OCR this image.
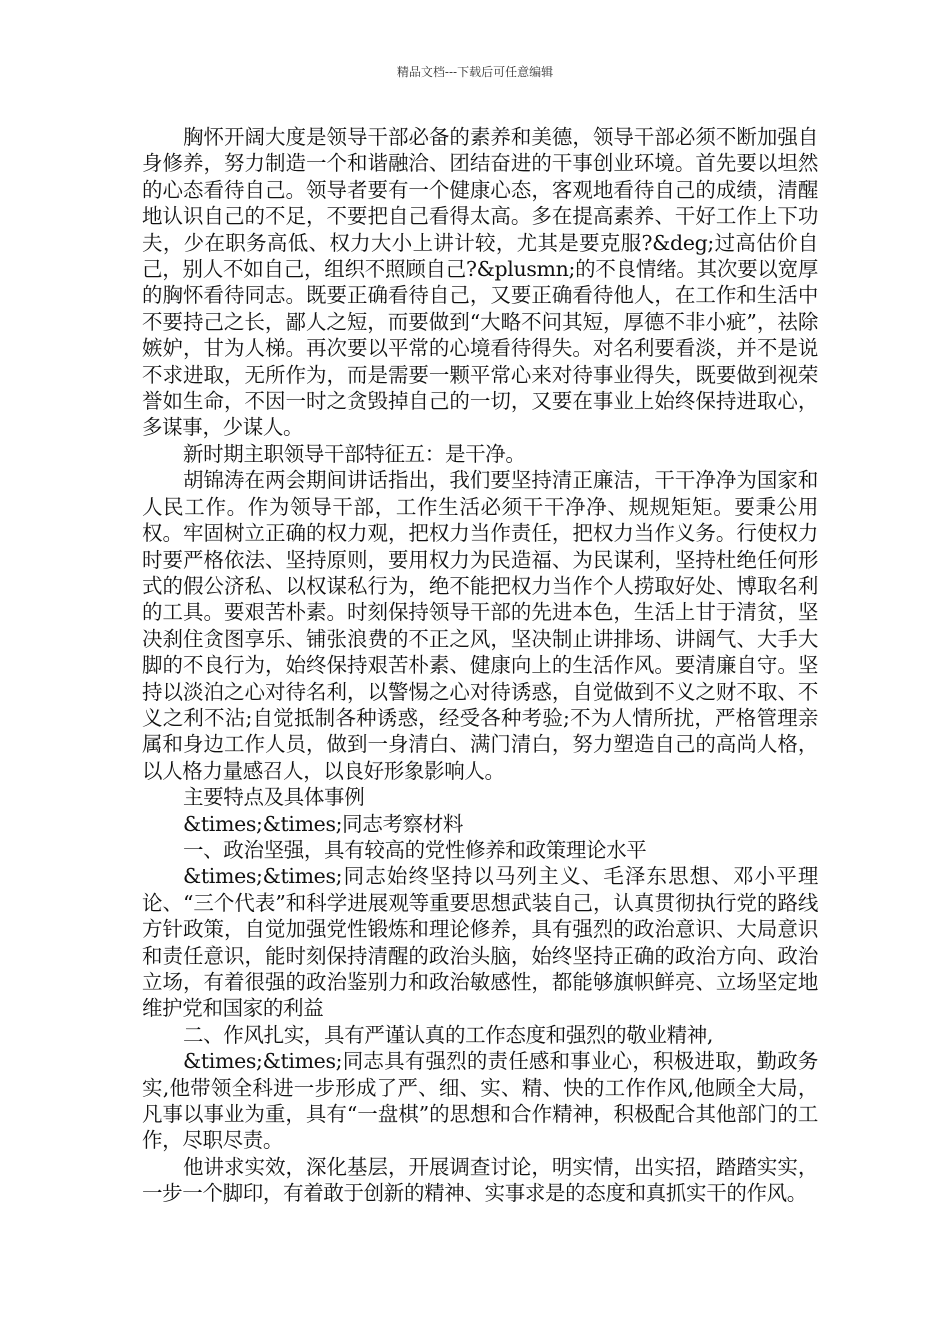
精品文档---下载后可任意编辑

胸怀开阔大度是领导干部必备的素养和美德，领导干部必须不断加强自身修养，努力制造一个和谐融洽、团结奋进的干事创业环境。首先要以坦然的心态看待自己。领导者要有一个健康心态，客观地看待自己的成绩，清醒地认识自己的不足，不要把自己看得太高。多在提高素养、干好工作上下功夫，少在职务高低、权力大小上讲计较，尤其是要克服?&deg;过高估价自己，别人不如自己，组织不照顾自己?&plusmn;的不良情绪。其次要以宽厚的胸怀看待同志。既要正确看待自己，又要正确看待他人，在工作和生活中不要持己之长，鄙人之短，而要做到“大略不问其短，厚德不非小疵”，祛除嫉妒，甘为人梯。再次要以平常的心境看待得失。对名利要看淡，并不是说不求进取，无所作为，而是需要一颗平常心来对待事业得失，既要做到视荣誉如生命，不因一时之贪毁掉自己的一切，又要在事业上始终保持进取心，多谋事，少谋人。

新时期主职领导干部特征五：是干净。

胡锦涛在两会期间讲话指出，我们要坚持清正廉洁，干干净净为国家和人民工作。作为领导干部，工作生活必须干干净净、规规矩矩。要秉公用权。牢固树立正确的权力观，把权力当作责任，把权力当作义务。行使权力时要严格依法、坚持原则，要用权力为民造福、为民谋利，坚持杜绝任何形式的假公济私、以权谋私行为，绝不能把权力当作个人捞取好处、博取名利的工具。要艰苦朴素。时刻保持领导干部的先进本色，生活上甘于清贫，坚决刹住贪图享乐、铺张浪费的不正之风，坚决制止讲排场、讲阔气、大手大脚的不良行为，始终保持艰苦朴素、健康向上的生活作风。要清廉自守。坚持以淡泊之心对待名利，以警惕之心对待诱惑，自觉做到不义之财不取、不义之利不沾;自觉抵制各种诱惑，经受各种考验;不为人情所扰，严格管理亲属和身边工作人员，做到一身清白、满门清白，努力塑造自己的高尚人格，以人格力量感召人，以良好形象影响人。

主要特点及具体事例

&times;&times;同志考察材料

一、政治坚强，具有较高的党性修养和政策理论水平

&times;&times;同志始终坚持以马列主义、毛泽东思想、邓小平理论、“三个代表”和科学进展观等重要思想武装自己，认真贯彻执行党的路线方针政策，自觉加强党性锻炼和理论修养，具有强烈的政治意识、大局意识和责任意识，能时刻保持清醒的政治头脑，始终坚持正确的政治方向、政治立场，有着很强的政治鉴别力和政治敏感性，都能够旗帜鲜亮、立场坚定地维护党和国家的利益

二、作风扎实，具有严谨认真的工作态度和强烈的敬业精神,

&times;&times;同志具有强烈的责任感和事业心，积极进取，勤政务实,他带领全科进一步形成了严、细、实、精、快的工作作风,他顾全大局，凡事以事业为重，具有“一盘棋”的思想和合作精神，积极配合其他部门的工作，尽职尽责。

他讲求实效，深化基层，开展调查讨论，明实情，出实招，踏踏实实，一步一个脚印，有着敢于创新的精神、实事求是的态度和真抓实干的作风。
